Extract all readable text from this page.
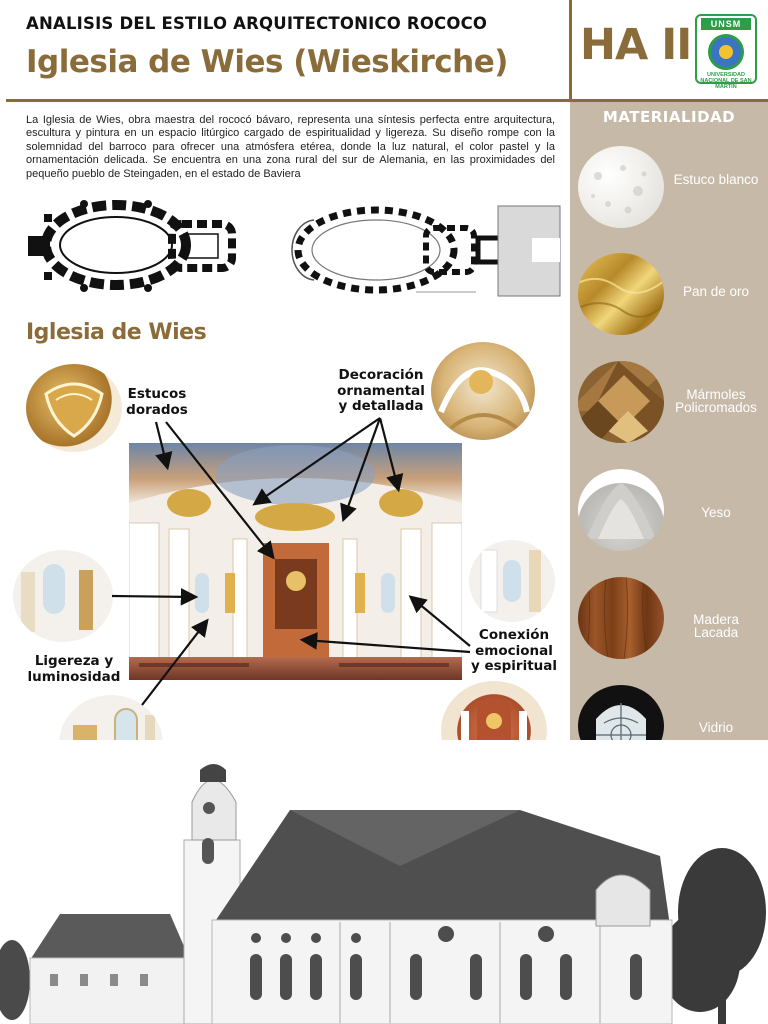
ANALISIS DEL ESTILO ARQUITECTONICO ROCOCO
Iglesia de Wies (Wieskirche) HA II	UNSM
UNIVERSIDAD NACIONAL DE SAN MARTIN
MATERIALIDAD
Estuco blanco
Pan de oro
Mármoles Policromados
Yeso
Madera Lacada
Vidrio

La Iglesia de Wies, obra maestra del rococó bávaro, representa una síntesis perfecta entre arquitectura, escultura y pintura en un espacio litúrgico cargado de espiritualidad y ligereza. Su diseño rompe con la solemnidad del barroco para ofrecer una atmósfera etérea, donde la luz natural, el color pastel y la ornamentación delicada. Se encuentra en una zona rural del sur de Alemania, en las proximidades del pequeño pueblo de Steingaden, en el estado de Baviera

Iglesia de Wies
Estucos dorados
Decoración ornamental y detallada
Ligereza y luminosidad
Conexión emocional y espiritual
